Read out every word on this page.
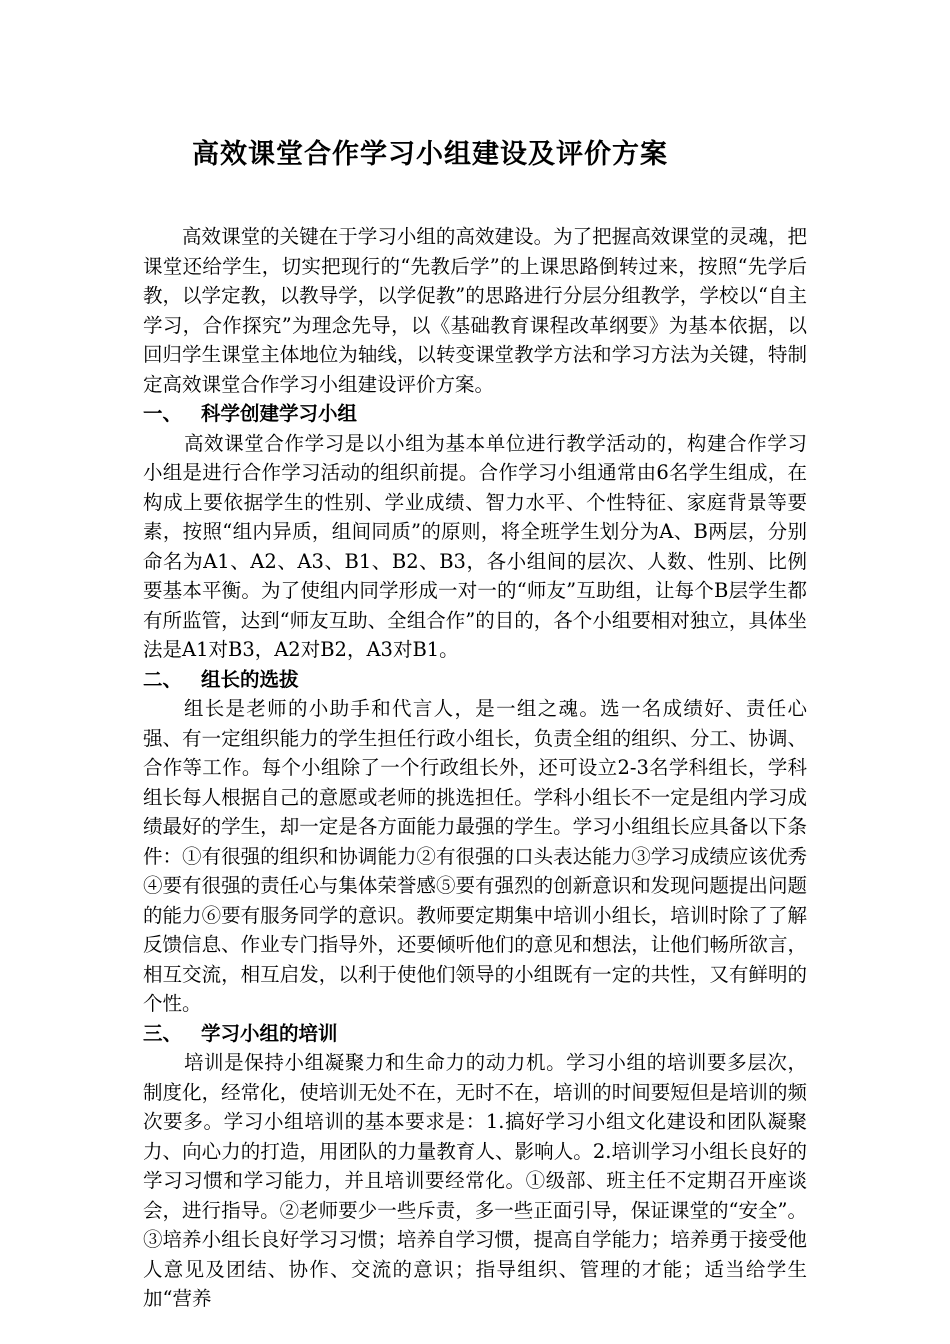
高效课堂合作学习小组建设及评价方案

高效课堂的关键在于学习小组的高效建设。为了把握高效课堂的灵魂，把课堂还给学生，切实把现行的“先教后学”的上课思路倒转过来，按照“先学后教，以学定教，以教导学，以学促教”的思路进行分层分组教学，学校以“自主学习，合作探究”为理念先导，以《基础教育课程改革纲要》为基本依据，以回归学生课堂主体地位为轴线，以转变课堂教学方法和学习方法为关键，特制定高效课堂合作学习小组建设评价方案。

一、 科学创建学习小组

高效课堂合作学习是以小组为基本单位进行教学活动的，构建合作学习小组是进行合作学习活动的组织前提。合作学习小组通常由6名学生组成，在构成上要依据学生的性别、学业成绩、智力水平、个性特征、家庭背景等要素，按照“组内异质，组间同质”的原则，将全班学生划分为A、B两层，分别命名为A1、A2、A3、B1、B2、B3，各小组间的层次、人数、性别、比例要基本平衡。为了使组内同学形成一对一的“师友”互助组，让每个B层学生都有所监管，达到“师友互助、全组合作”的目的，各个小组要相对独立，具体坐法是A1对B3，A2对B2，A3对B1。

二、 组长的选拔

组长是老师的小助手和代言人，是一组之魂。选一名成绩好、责任心强、有一定组织能力的学生担任行政小组长，负责全组的组织、分工、协调、合作等工作。每个小组除了一个行政组长外，还可设立2-3名学科组长，学科组长每人根据自己的意愿或老师的挑选担任。学科小组长不一定是组内学习成绩最好的学生，却一定是各方面能力最强的学生。学习小组组长应具备以下条件：①有很强的组织和协调能力②有很强的口头表达能力③学习成绩应该优秀④要有很强的责任心与集体荣誉感⑤要有强烈的创新意识和发现问题提出问题的能力⑥要有服务同学的意识。教师要定期集中培训小组长，培训时除了了解反馈信息、作业专门指导外，还要倾听他们的意见和想法，让他们畅所欲言，相互交流，相互启发，以利于使他们领导的小组既有一定的共性，又有鲜明的个性。

三、 学习小组的培训

培训是保持小组凝聚力和生命力的动力机。学习小组的培训要多层次，制度化，经常化，使培训无处不在，无时不在，培训的时间要短但是培训的频次要多。学习小组培训的基本要求是：1.搞好学习小组文化建设和团队凝聚力、向心力的打造，用团队的力量教育人、影响人。2.培训学习小组长良好的学习习惯和学习能力，并且培训要经常化。①级部、班主任不定期召开座谈会，进行指导。②老师要少一些斥责，多一些正面引导，保证课堂的“安全”。③培养小组长良好学习习惯；培养自学习惯，提高自学能力；培养勇于接受他人意见及团结、协作、交流的意识；指导组织、管理的才能；适当给学生加“营养
